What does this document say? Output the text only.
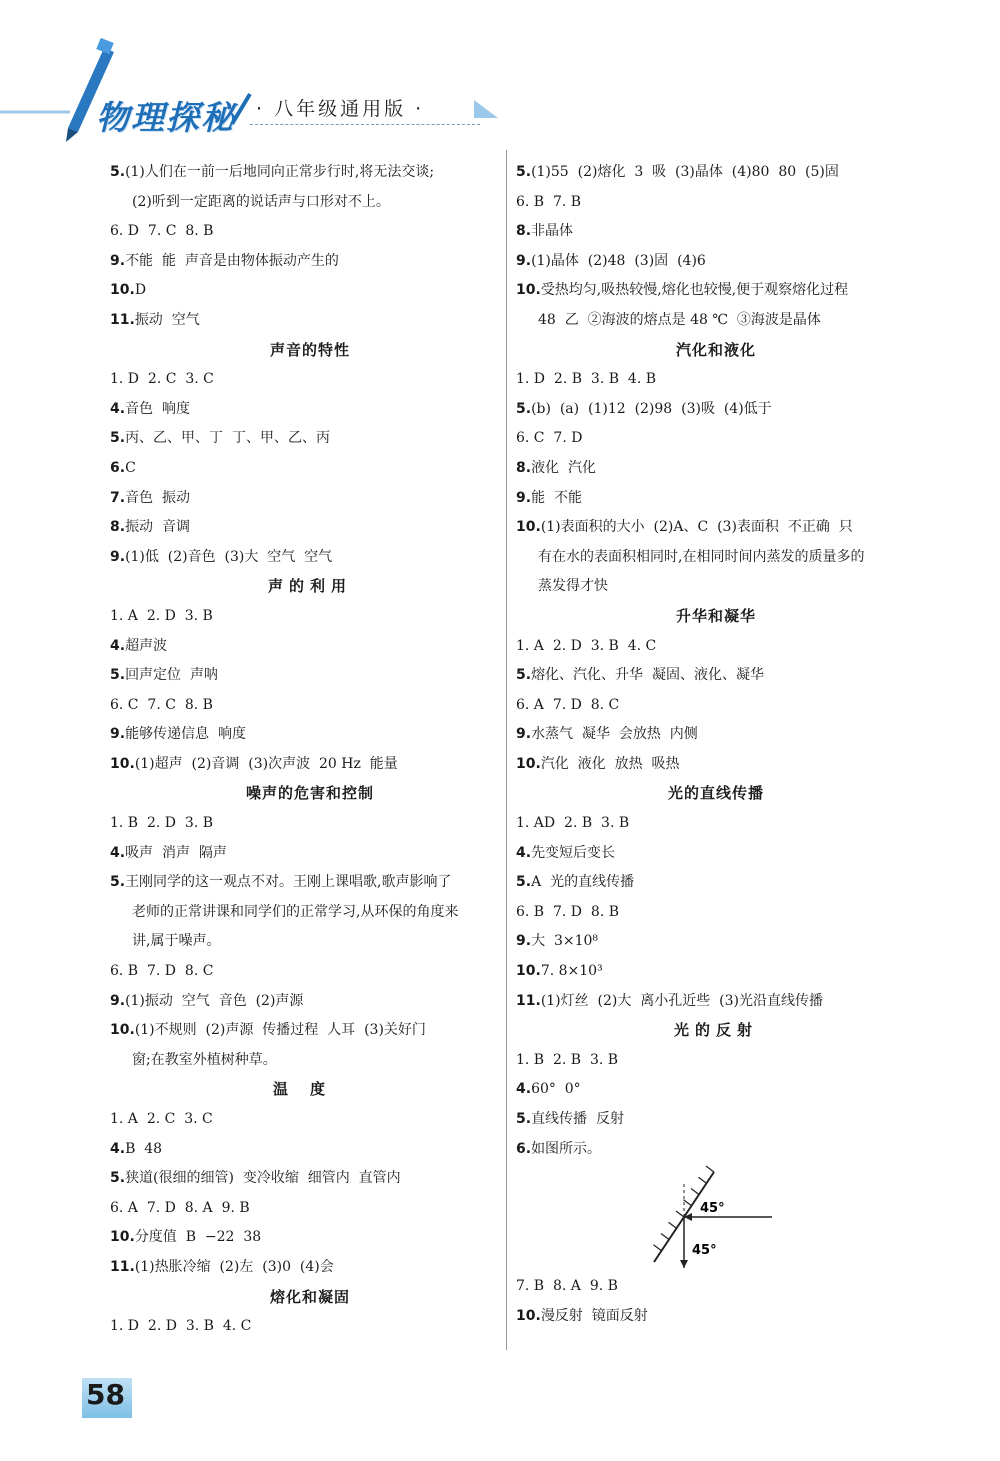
物理探秘 · 八年级通用版 ·
5.(1)人们在一前一后地同向正常步行时,将无法交谈;
(2)听到一定距离的说话声与口形对不上。
6. D  7. C  8. B
9.不能  能  声音是由物体振动产生的
10.D
11.振动  空气
声音的特性
1. D  2. C  3. C
4.音色  响度
5.丙、乙、甲、丁  丁、甲、乙、丙
6.C
7.音色  振动
8.振动  音调
9.(1)低  (2)音色  (3)大  空气  空气
声的利用
1. A  2. D  3. B
4.超声波
5.回声定位  声呐
6. C  7. C  8. B
9.能够传递信息  响度
10.(1)超声  (2)音调  (3)次声波  20 Hz  能量
噪声的危害和控制
1. B  2. D  3. B
4.吸声  消声  隔声
5.王刚同学的这一观点不对。王刚上课唱歌,歌声影响了
老师的正常讲课和同学们的正常学习,从环保的角度来
讲,属于噪声。
6. B  7. D  8. C
9.(1)振动  空气  音色  (2)声源
10.(1)不规则  (2)声源  传播过程  人耳  (3)关好门
窗;在教室外植树种草。
温度
1. A  2. C  3. C
4.B  48
5.狭道(很细的细管)  变冷收缩  细管内  直管内
6. A  7. D  8. A  9. B
10.分度值  B  −22  38
11.(1)热胀冷缩  (2)左  (3)0  (4)会
熔化和凝固
1. D  2. D  3. B  4. C
5.(1)55  (2)熔化  3  吸  (3)晶体  (4)80  80  (5)固
6. B  7. B
8.非晶体
9.(1)晶体  (2)48  (3)固  (4)6
10.受热均匀,吸热较慢,熔化也较慢,便于观察熔化过程
48  乙  ②海波的熔点是 48 ℃  ③海波是晶体
汽化和液化
1. D  2. B  3. B  4. B
5.(b)  (a)  (1)12  (2)98  (3)吸  (4)低于
6. C  7. D
8.液化  汽化
9.能  不能
10.(1)表面积的大小  (2)A、C  (3)表面积  不正确  只
有在水的表面积相同时,在相同时间内蒸发的质量多的
蒸发得才快
升华和凝华
1. A  2. D  3. B  4. C
5.熔化、汽化、升华  凝固、液化、凝华
6. A  7. D  8. C
9.水蒸气  凝华  会放热  内侧
10.汽化  液化  放热  吸热
光的直线传播
1. AD  2. B  3. B
4.先变短后变长
5.A  光的直线传播
6. B  7. D  8. B
9.大  3×10⁸
10.7. 8×10³
11.(1)灯丝  (2)大  离小孔近些  (3)光沿直线传播
光的反射
1. B  2. B  3. B
4.60°  0°
5.直线传播  反射
6.如图所示。
45°
45°
7. B  8. A  9. B
10.漫反射  镜面反射
58
